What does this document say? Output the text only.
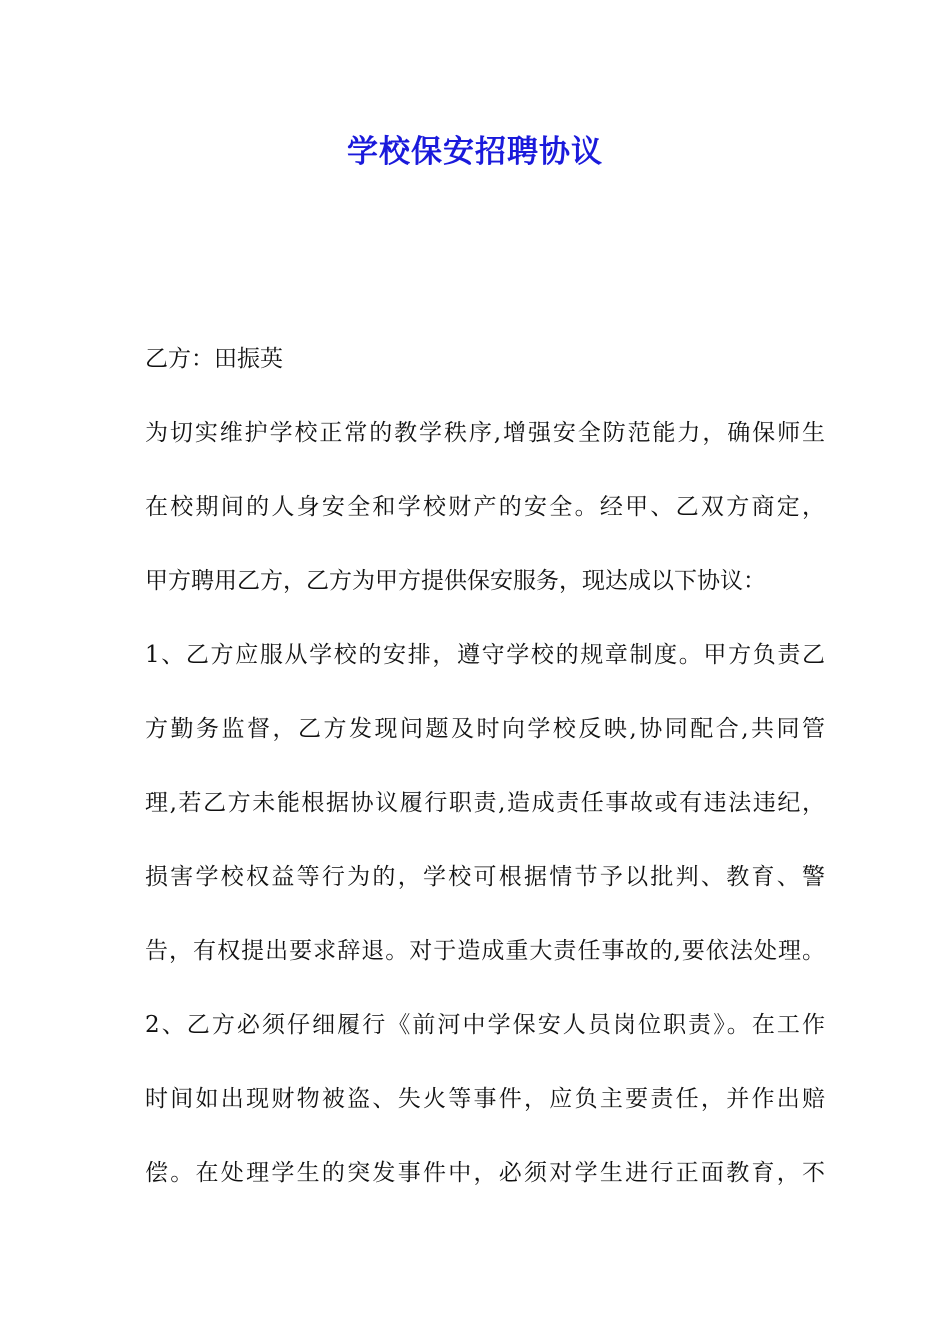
学校保安招聘协议
乙方：田振英
为切实维护学校正常的教学秩序,增强安全防范能力，确保师生
在校期间的人身安全和学校财产的安全。经甲、乙双方商定，
甲方聘用乙方，乙方为甲方提供保安服务，现达成以下协议：
1、乙方应服从学校的安排，遵守学校的规章制度。甲方负责乙
方勤务监督，乙方发现问题及时向学校反映,协同配合,共同管
理,若乙方未能根据协议履行职责,造成责任事故或有违法违纪，
损害学校权益等行为的，学校可根据情节予以批判、教育、警
告，有权提出要求辞退。对于造成重大责任事故的,要依法处理。
2、乙方必须仔细履行《前河中学保安人员岗位职责》。在工作
时间如出现财物被盗、失火等事件，应负主要责任，并作出赔
偿。在处理学生的突发事件中，必须对学生进行正面教育，不
